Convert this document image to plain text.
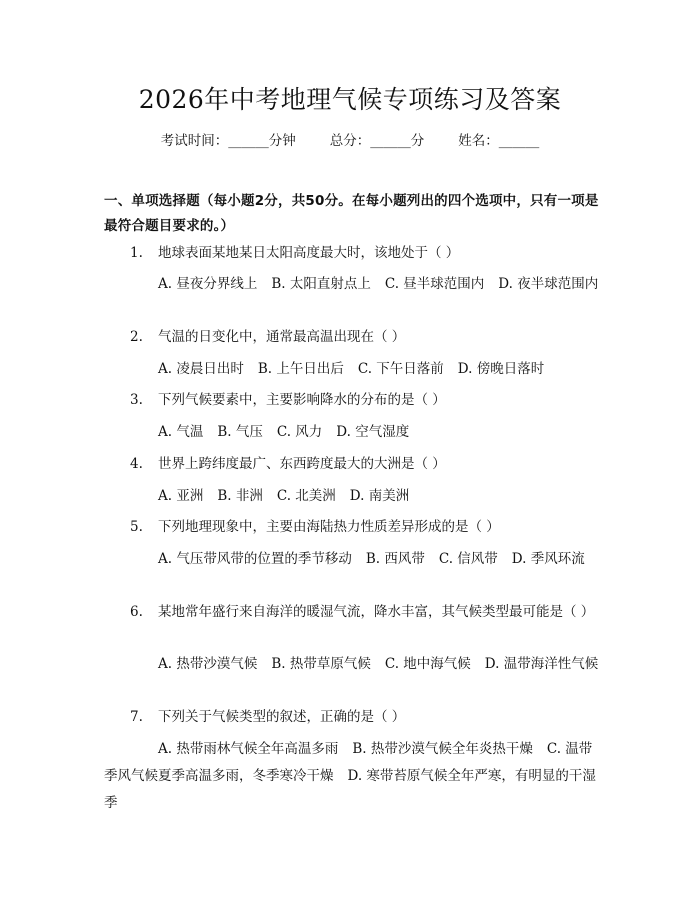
2026年中考地理气候专项练习及答案
考试时间：______分钟	总分：______分	姓名：______
一、单项选择题（每小题2分，共50分。在每小题列出的四个选项中，只有一项是最符合题目要求的。）
1. 地球表面某地某日太阳高度最大时，该地处于（ ）
A. 昼夜分界线上 B. 太阳直射点上 C. 昼半球范围内 D. 夜半球范围内
2. 气温的日变化中，通常最高温出现在（ ）
A. 凌晨日出时 B. 上午日出后 C. 下午日落前 D. 傍晚日落时
3. 下列气候要素中，主要影响降水的分布的是（ ）
A. 气温 B. 气压 C. 风力 D. 空气湿度
4. 世界上跨纬度最广、东西跨度最大的大洲是（ ）
A. 亚洲 B. 非洲 C. 北美洲 D. 南美洲
5. 下列地理现象中，主要由海陆热力性质差异形成的是（ ）
A. 气压带风带的位置的季节移动 B. 西风带 C. 信风带 D. 季风环流
6. 某地常年盛行来自海洋的暖湿气流，降水丰富，其气候类型最可能是（ ）
A. 热带沙漠气候 B. 热带草原气候 C. 地中海气候 D. 温带海洋性气候
7. 下列关于气候类型的叙述，正确的是（ ）
A. 热带雨林气候全年高温多雨 B. 热带沙漠气候全年炎热干燥 C. 温带季风气候夏季高温多雨，冬季寒冷干燥 D. 寒带苔原气候全年严寒，有明显的干湿季
